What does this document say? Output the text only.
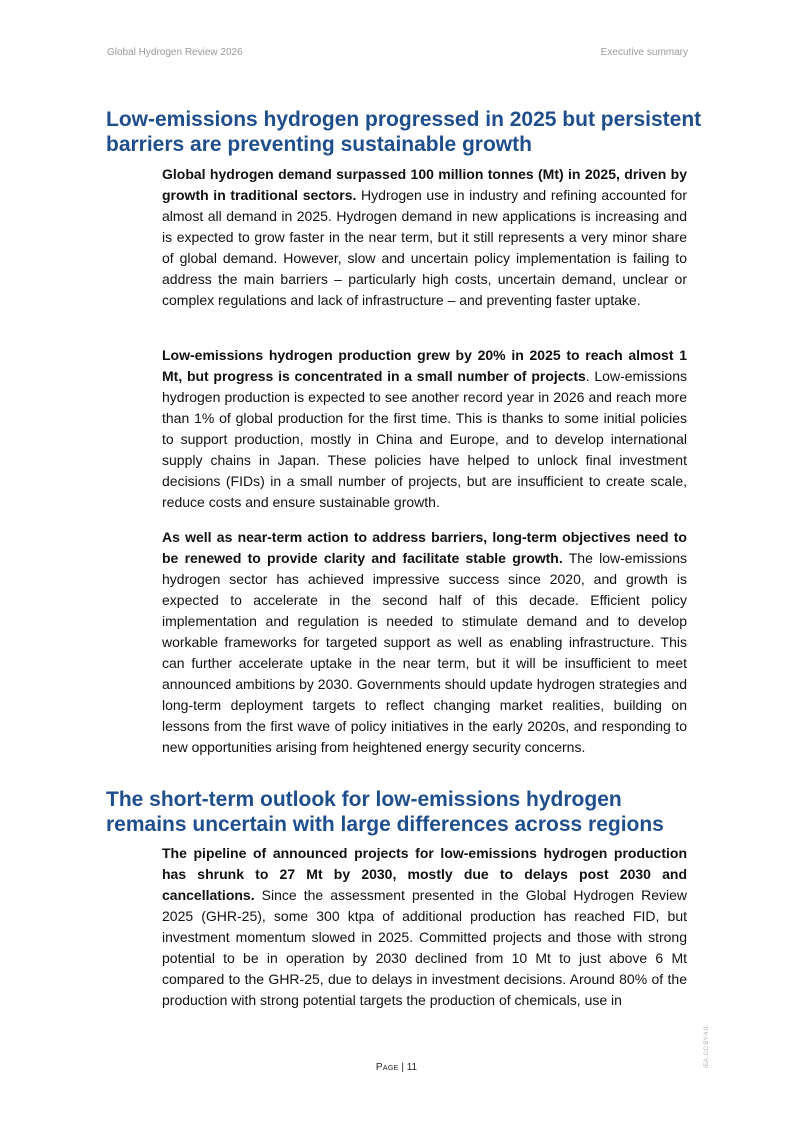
Global Hydrogen Review 2026	Executive summary
Low-emissions hydrogen progressed in 2025 but persistent barriers are preventing sustainable growth

Global hydrogen demand surpassed 100 million tonnes (Mt) in 2025, driven by growth in traditional sectors. Hydrogen use in industry and refining accounted for almost all demand in 2025. Hydrogen demand in new applications is increasing and is expected to grow faster in the near term, but it still represents a very minor share of global demand. However, slow and uncertain policy implementation is failing to address the main barriers – particularly high costs, uncertain demand, unclear or complex regulations and lack of infrastructure – and preventing faster uptake.

Low-emissions hydrogen production grew by 20% in 2025 to reach almost 1 Mt, but progress is concentrated in a small number of projects. Low-emissions hydrogen production is expected to see another record year in 2026 and reach more than 1% of global production for the first time. This is thanks to some initial policies to support production, mostly in China and Europe, and to develop international supply chains in Japan. These policies have helped to unlock final investment decisions (FIDs) in a small number of projects, but are insufficient to create scale, reduce costs and ensure sustainable growth.

As well as near-term action to address barriers, long-term objectives need to be renewed to provide clarity and facilitate stable growth. The low-emissions hydrogen sector has achieved impressive success since 2020, and growth is expected to accelerate in the second half of this decade. Efficient policy implementation and regulation is needed to stimulate demand and to develop workable frameworks for targeted support as well as enabling infrastructure. This can further accelerate uptake in the near term, but it will be insufficient to meet announced ambitions by 2030. Governments should update hydrogen strategies and long-term deployment targets to reflect changing market realities, building on lessons from the first wave of policy initiatives in the early 2020s, and responding to new opportunities arising from heightened energy security concerns.

The short-term outlook for low-emissions hydrogen remains uncertain with large differences across regions

The pipeline of announced projects for low-emissions hydrogen production has shrunk to 27 Mt by 2030, mostly due to delays post 2030 and cancellations. Since the assessment presented in the Global Hydrogen Review 2025 (GHR-25), some 300 ktpa of additional production has reached FID, but investment momentum slowed in 2025. Committed projects and those with strong potential to be in operation by 2030 declined from 10 Mt to just above 6 Mt compared to the GHR-25, due to delays in investment decisions. Around 80% of the production with strong potential targets the production of chemicals, use in

Page | 11	IEA. CC BY 4.0.
